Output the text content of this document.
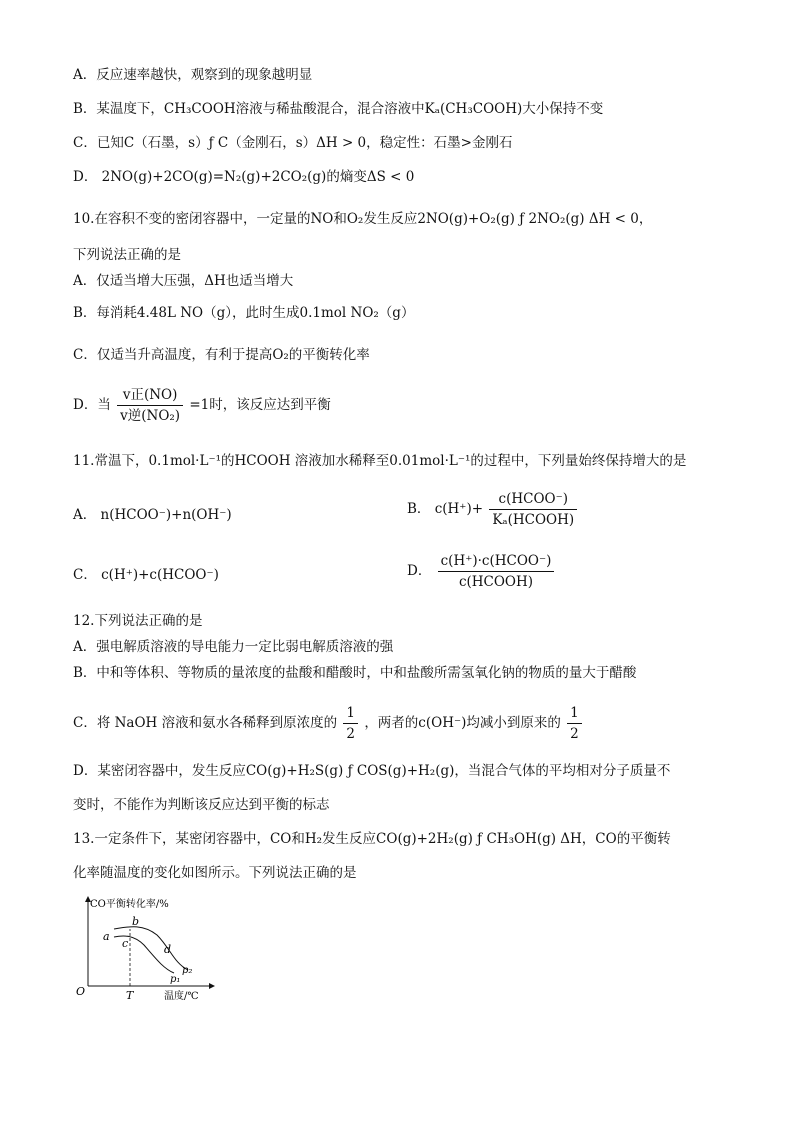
A．反应速率越快，观察到的现象越明显
B．某温度下，CH₃COOH溶液与稀盐酸混合，混合溶液中Kₐ(CH₃COOH)大小保持不变
C．已知C（石墨，s）ƒ C（金刚石，s）ΔH > 0，稳定性：石墨>金刚石
D． 2NO(g)+2CO(g)=N₂(g)+2CO₂(g)的熵变ΔS < 0
10.在容积不变的密闭容器中，一定量的NO和O₂发生反应2NO(g)+O₂(g) ƒ 2NO₂(g) ΔH < 0，
下列说法正确的是
A．仅适当增大压强，ΔH也适当增大
B．每消耗4.48L NO（g），此时生成0.1mol NO₂（g）
C．仅适当升高温度，有利于提高O₂的平衡转化率
D．当 $\frac{\text{v正(NO)}}{\text{v逆(NO₂)}} =1$时，该反应达到平衡
11.常温下，0.1mol·L⁻¹的HCOOH 溶液加水稀释至0.01mol·L⁻¹的过程中，下列量始终保持增大的是
A． n(HCOO⁻)+n(OH⁻)	B． $c(H^+)+ \frac{\text{c(HCOO⁻)}}{\text{Kₐ(HCOOH)}}$
C． c(H⁺)+c(HCOO⁻)	D． $\frac{\text{c(H⁺)·c(HCOO⁻)}}{\text{c(HCOOH)}}$
12.下列说法正确的是
A．强电解质溶液的导电能力一定比弱电解质溶液的强
B．中和等体积、等物质的量浓度的盐酸和醋酸时，中和盐酸所需氢氧化钠的物质的量大于醋酸
C．将 NaOH 溶液和氨水各稀释到原浓度的 $\frac{1}{2}$ ，两者的c(OH⁻)均减小到原来的 $\frac{1}{2}$
D．某密闭容器中，发生反应CO(g)+H₂S(g) ƒ COS(g)+H₂(g)，当混合气体的平均相对分子质量不
变时，不能作为判断该反应达到平衡的标志
13.一定条件下，某密闭容器中，CO和H₂发生反应CO(g)+2H₂(g) ƒ CH₃OH(g) ΔH，CO的平衡转
化率随温度的变化如图所示。下列说法正确的是
CO平衡转化率/%
温度/℃
O	T
a
b
c	d
p₁
p₂
